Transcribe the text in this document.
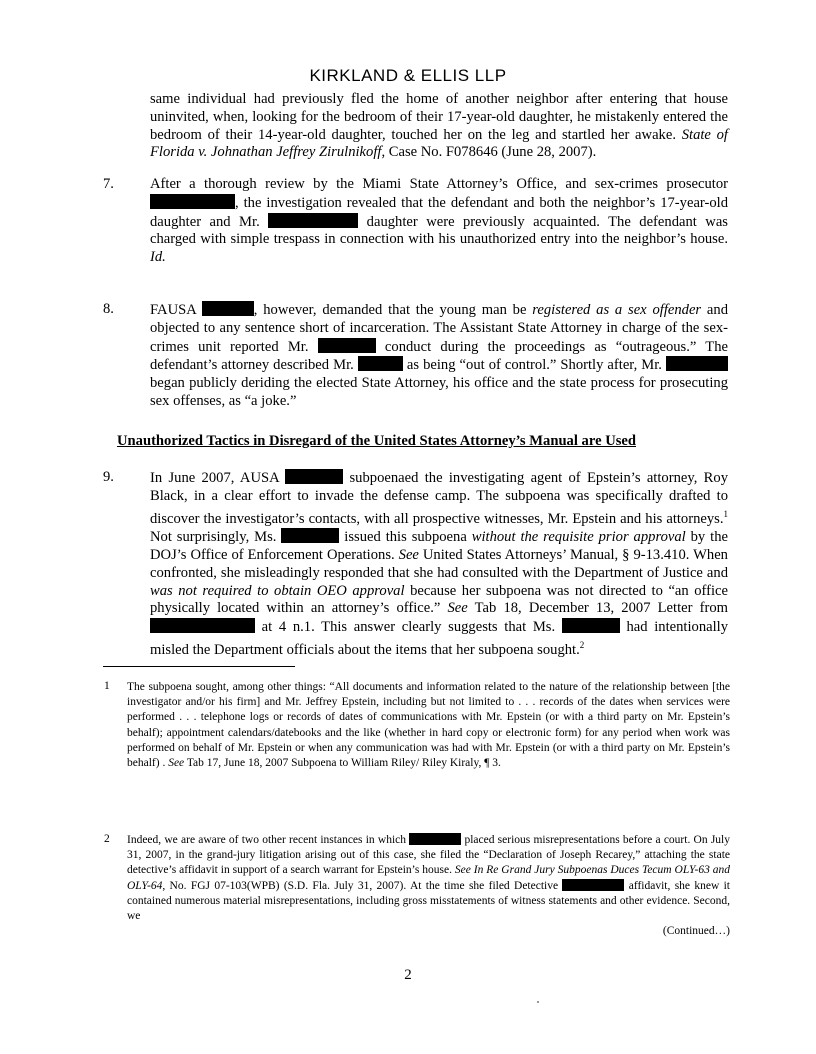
KIRKLAND & ELLIS LLP
same individual had previously fled the home of another neighbor after entering that house uninvited, when, looking for the bedroom of their 17-year-old daughter, he mistakenly entered the bedroom of their 14-year-old daughter, touched her on the leg and startled her awake. State of Florida v. Johnathan Jeffrey Zirulnikoff, Case No. F078646 (June 28, 2007).
7. After a thorough review by the Miami State Attorney’s Office, and sex-crimes prosecutor , the investigation revealed that the defendant and both the neighbor’s 17-year-old daughter and Mr.	daughter were previously acquainted. The defendant was charged with simple trespass in connection with his unauthorized entry into the neighbor’s house. Id.
8. FAUSA	, however, demanded that the young man be registered as a sex offender and objected to any sentence short of incarceration. The Assistant State Attorney in charge of the sex-crimes unit reported Mr.	conduct during the proceedings as “outrageous.” The defendant’s attorney described Mr.	as being “out of control.” Shortly after, Mr.  began publicly deriding the elected State Attorney, his office and the state process for prosecuting sex offenses, as “a joke.”
Unauthorized Tactics in Disregard of the United States Attorney’s Manual are Used
9. In June 2007, AUSA	subpoenaed the investigating agent of Epstein’s attorney, Roy Black, in a clear effort to invade the defense camp. The subpoena was specifically drafted to discover the investigator’s contacts, with all prospective witnesses, Mr. Epstein and his attorneys.$^1$ Not surprisingly, Ms.	issued this subpoena without the requisite prior approval by the DOJ’s Office of Enforcement Operations. See United States Attorneys’ Manual, § 9-13.410. When confronted, she misleadingly responded that she had consulted with the Department of Justice and was not required to obtain OEO approval because her subpoena was not directed to “an office physically located within an attorney’s office.” See Tab 18, December 13, 2007 Letter from  at 4 n.1. This answer clearly suggests that Ms.	had intentionally misled the Department officials about the items that her subpoena sought.$^2$
1 The subpoena sought, among other things: “All documents and information related to the nature of the relationship between [the investigator and/or his firm] and Mr. Jeffrey Epstein, including but not limited to . . . records of the dates when services were performed . . . telephone logs or records of dates of communications with Mr. Epstein (or with a third party on Mr. Epstein’s behalf); appointment calendars/datebooks and the like (whether in hard copy or electronic form) for any period when work was performed on behalf of Mr. Epstein or when any communication was had with Mr. Epstein (or with a third party on Mr. Epstein’s behalf) . See Tab 17, June 18, 2007 Subpoena to William Riley/ Riley Kiraly, ¶ 3.
2 Indeed, we are aware of two other recent instances in which	placed serious misrepresentations before a court. On July 31, 2007, in the grand-jury litigation arising out of this case, she filed the “Declaration of Joseph Recarey,” attaching the state detective’s affidavit in support of a search warrant for Epstein’s house. See In Re Grand Jury Subpoenas Duces Tecum OLY-63 and OLY-64, No. FGJ 07-103(WPB) (S.D. Fla. July 31, 2007). At the time she filed Detective	affidavit, she knew it contained numerous material misrepresentations, including gross misstatements of witness statements and other evidence. Second, we
(Continued…)
2
